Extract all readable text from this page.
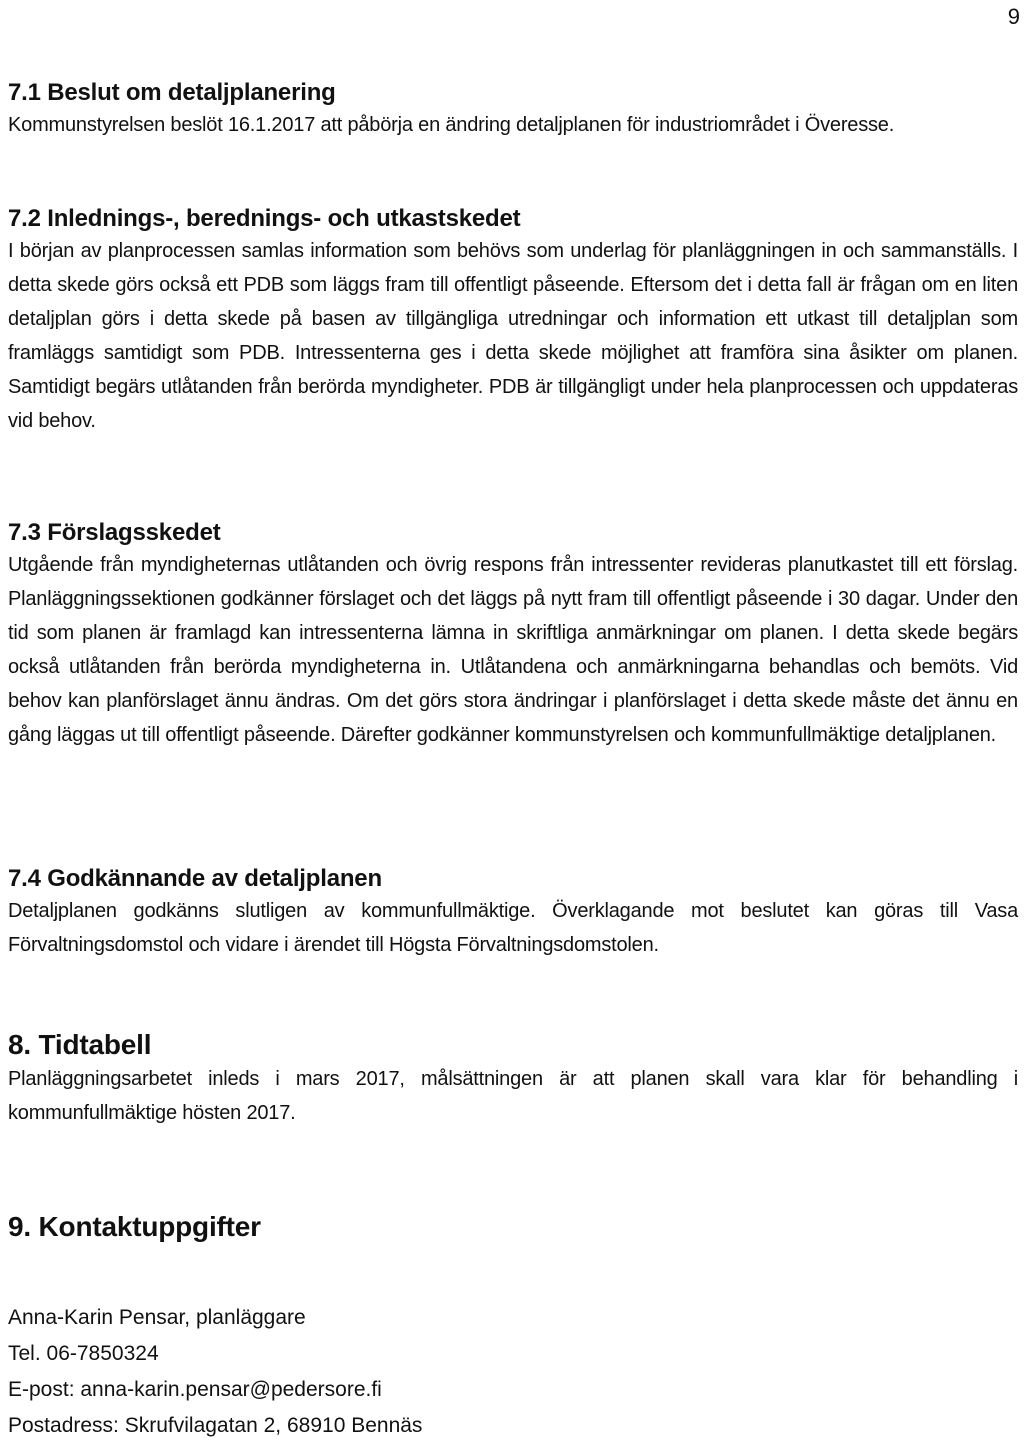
9
7.1 Beslut om detaljplanering

Kommunstyrelsen beslöt 16.1.2017 att påbörja en ändring detaljplanen för industriområdet i Överesse.

7.2 Inlednings-, berednings- och utkastskedet

I början av planprocessen samlas information som behövs som underlag för planläggningen in och sammanställs. I detta skede görs också ett PDB som läggs fram till offentligt påseende. Eftersom det i detta fall är frågan om en liten detaljplan görs i detta skede på basen av tillgängliga utredningar och information ett utkast till detaljplan som framläggs samtidigt som PDB. Intressenterna ges i detta skede möjlighet att framföra sina åsikter om planen. Samtidigt begärs utlåtanden från berörda myndigheter. PDB är tillgängligt under hela planprocessen och uppdateras vid behov.

7.3 Förslagsskedet

Utgående från myndigheternas utlåtanden och övrig respons från intressenter revideras planutkastet till ett förslag. Planläggningssektionen godkänner förslaget och det läggs på nytt fram till offentligt påseende i 30 dagar. Under den tid som planen är framlagd kan intressenterna lämna in skriftliga anmärkningar om planen. I detta skede begärs också utlåtanden från berörda myndigheterna in. Utlåtandena och anmärkningarna behandlas och bemöts. Vid behov kan planförslaget ännu ändras. Om det görs stora ändringar i planförslaget i detta skede måste det ännu en gång läggas ut till offentligt påseende. Därefter godkänner kommunstyrelsen och kommunfullmäktige detaljplanen.

7.4 Godkännande av detaljplanen

Detaljplanen godkänns slutligen av kommunfullmäktige. Överklagande mot beslutet kan göras till Vasa Förvaltningsdomstol och vidare i ärendet till Högsta Förvaltningsdomstolen.

8. Tidtabell

Planläggningsarbetet inleds i mars 2017, målsättningen är att planen skall vara klar för behandling i kommunfullmäktige hösten 2017.

9. Kontaktuppgifter
Anna-Karin Pensar, planläggare
Tel. 06-7850324
E-post: anna-karin.pensar@pedersore.fi
Postadress: Skrufvilagatan 2, 68910 Bennäs
